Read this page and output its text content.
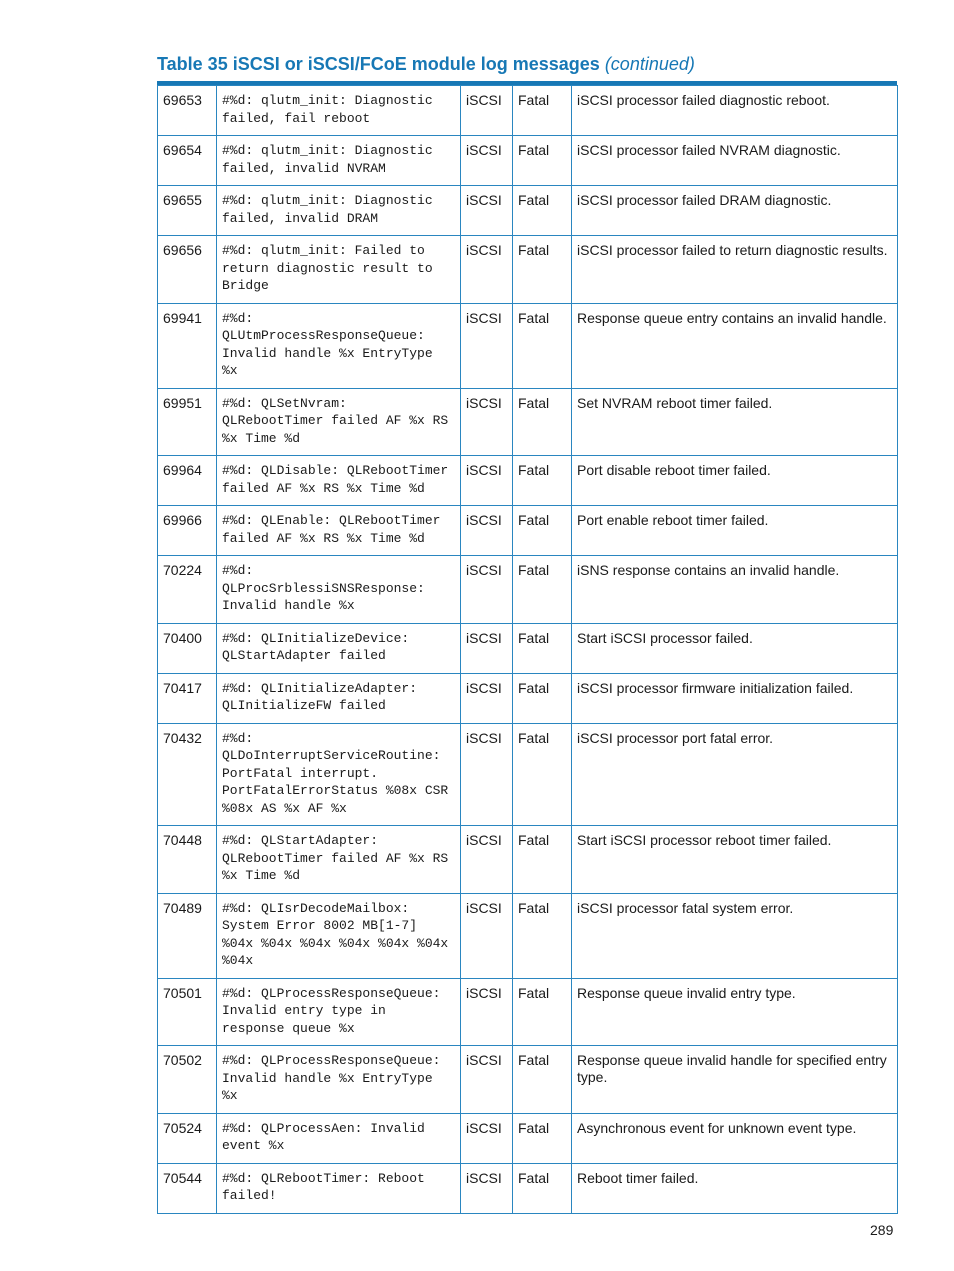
Table 35 iSCSI or iSCSI/FCoE module log messages (continued)
69653	#%d: qlutm_init: Diagnostic failed, fail reboot	iSCSI	Fatal	iSCSI processor failed diagnostic reboot.
69654	#%d: qlutm_init: Diagnostic failed, invalid NVRAM	iSCSI	Fatal	iSCSI processor failed NVRAM diagnostic.
69655	#%d: qlutm_init: Diagnostic failed, invalid DRAM	iSCSI	Fatal	iSCSI processor failed DRAM diagnostic.
69656	#%d: qlutm_init: Failed to return diagnostic result to Bridge	iSCSI	Fatal	iSCSI processor failed to return diagnostic results.
69941	#%d: QLUtmProcessResponseQueue: Invalid handle %x EntryType %x	iSCSI	Fatal	Response queue entry contains an invalid handle.
69951	#%d: QLSetNvram: QLRebootTimer failed AF %x RS %x Time %d	iSCSI	Fatal	Set NVRAM reboot timer failed.
69964	#%d: QLDisable: QLRebootTimer failed AF %x RS %x Time %d	iSCSI	Fatal	Port disable reboot timer failed.
69966	#%d: QLEnable: QLRebootTimer failed AF %x RS %x Time %d	iSCSI	Fatal	Port enable reboot timer failed.
70224	#%d: QLProcSrblessiSNSResponse: Invalid handle %x	iSCSI	Fatal	iSNS response contains an invalid handle.
70400	#%d: QLInitializeDevice: QLStartAdapter failed	iSCSI	Fatal	Start iSCSI processor failed.
70417	#%d: QLInitializeAdapter: QLInitializeFW failed	iSCSI	Fatal	iSCSI processor firmware initialization failed.
70432	#%d: QLDoInterruptServiceRoutine: PortFatal interrupt. PortFatalErrorStatus %08x CSR %08x AS %x AF %x	iSCSI	Fatal	iSCSI processor port fatal error.
70448	#%d: QLStartAdapter: QLRebootTimer failed AF %x RS %x Time %d	iSCSI	Fatal	Start iSCSI processor reboot timer failed.
70489	#%d: QLIsrDecodeMailbox: System Error 8002 MB[1-7] %04x %04x %04x %04x %04x %04x %04x	iSCSI	Fatal	iSCSI processor fatal system error.
70501	#%d: QLProcessResponseQueue: Invalid entry type in response queue %x	iSCSI	Fatal	Response queue invalid entry type.
70502	#%d: QLProcessResponseQueue: Invalid handle %x EntryType %x	iSCSI	Fatal	Response queue invalid handle for specified entry type.
70524	#%d: QLProcessAen: Invalid event %x	iSCSI	Fatal	Asynchronous event for unknown event type.
70544	#%d: QLRebootTimer: Reboot failed!	iSCSI	Fatal	Reboot timer failed.
289
